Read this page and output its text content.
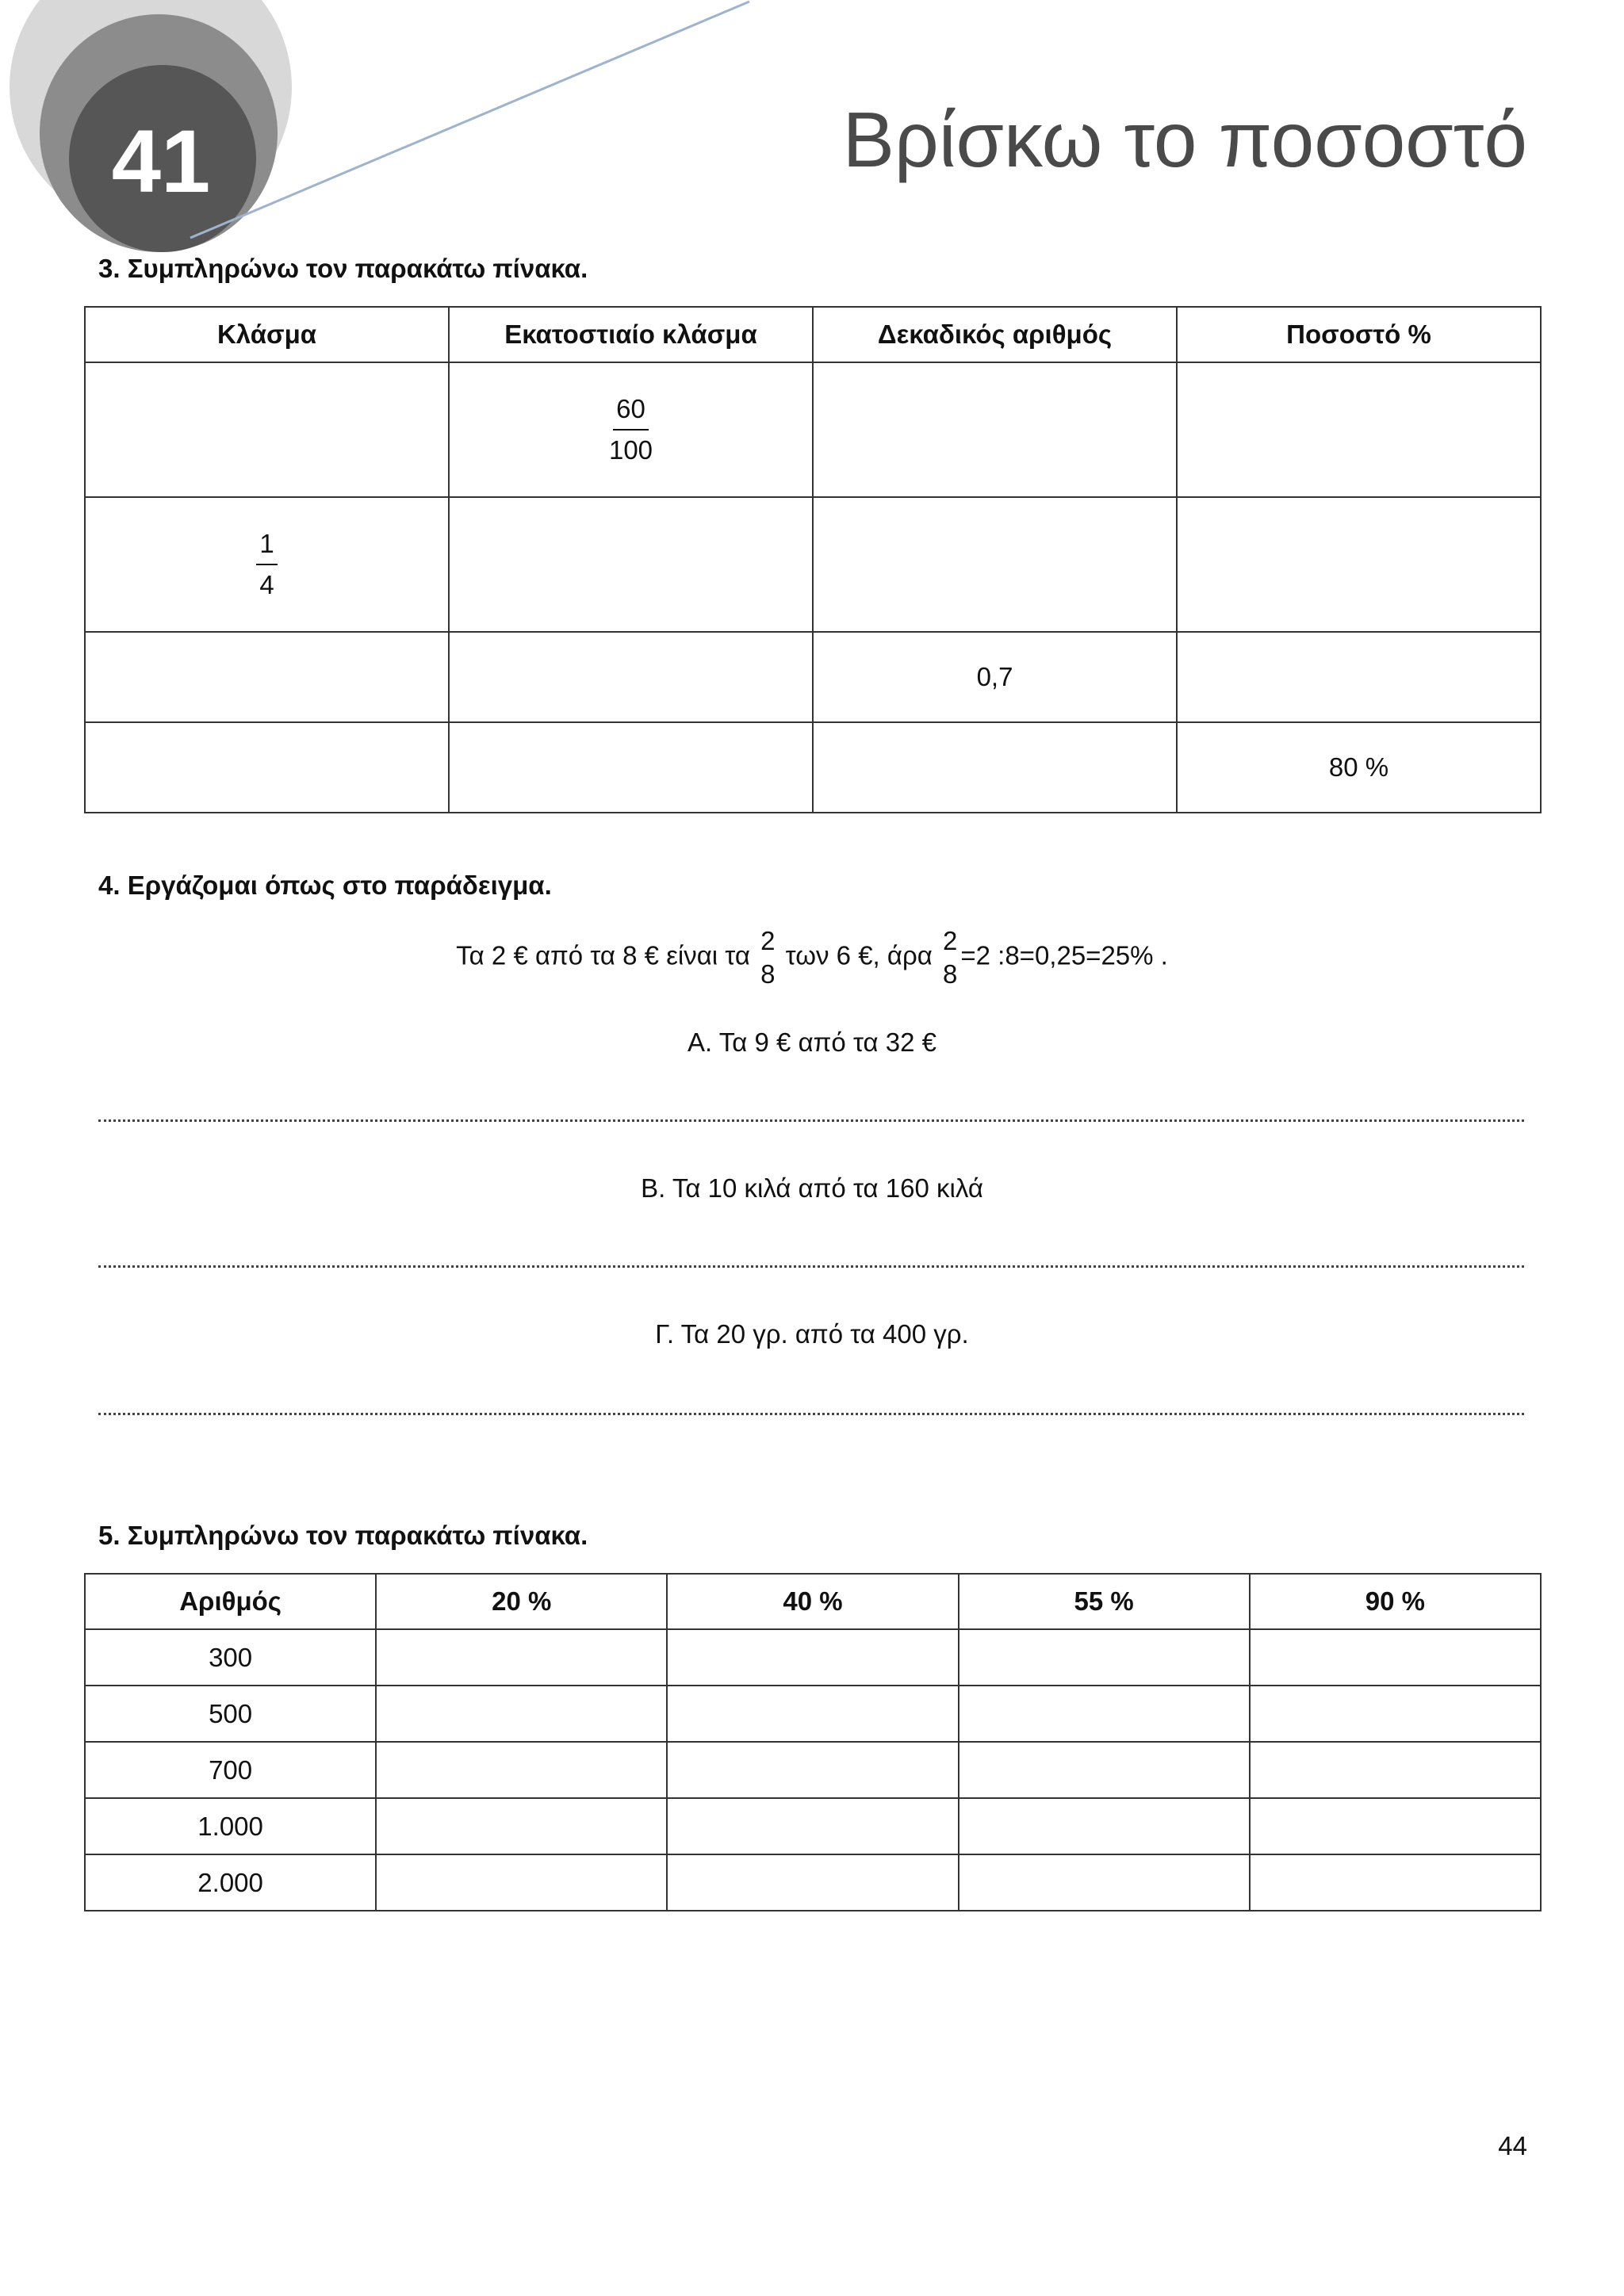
41	Βρίσκω το ποσοστό
3. Συμπληρώνω τον παρακάτω πίνακα.
Κλάσμα	Εκατοστιαίο κλάσμα	Δεκαδικός αριθμός	Ποσοστό %

	$\frac{60}{100}$

$\frac{1}{4}$

		0,7	
			80 %
4. Εργάζομαι όπως στο παράδειγμα.
Τα 2 € από τα 8 € είναι τα
2
8
των 6 €, άρα
2
8
=2 :8=0,25=25% .
Α. Τα 9 € από τα 32 €
Β. Τα 10 κιλά από τα 160 κιλά
Γ. Τα 20 γρ. από τα 400 γρ.
5. Συμπληρώνω τον παρακάτω πίνακα.
Αριθμός	20 %	40 %	55 %	90 %
300				
500				
700				
1.000				
2.000				
44
